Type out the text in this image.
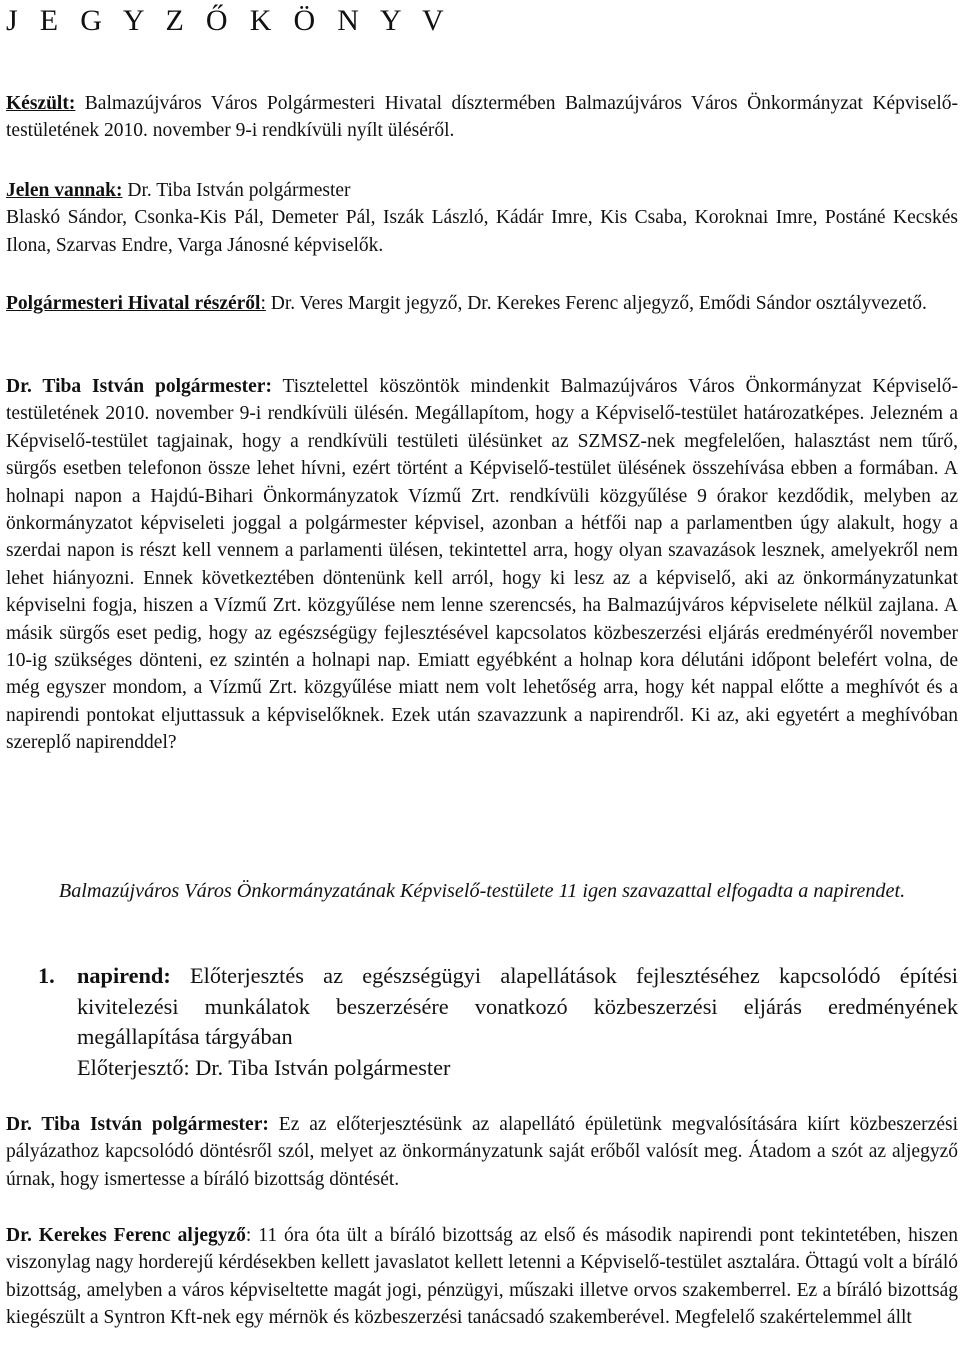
J E G Y Z Ő K Ö N Y V

Készült: Balmazújváros Város Polgármesteri Hivatal dísztermében Balmazújváros Város Önkormányzat Képviselő-testületének 2010. november 9-i rendkívüli nyílt üléséről.

Jelen vannak: Dr. Tiba István polgármester
Blaskó Sándor, Csonka-Kis Pál, Demeter Pál, Iszák László, Kádár Imre, Kis Csaba, Koroknai Imre, Postáné Kecskés Ilona, Szarvas Endre, Varga Jánosné képviselők.

Polgármesteri Hivatal részéről: Dr. Veres Margit jegyző, Dr. Kerekes Ferenc aljegyző, Emődi Sándor osztályvezető.

Dr. Tiba István polgármester: Tisztelettel köszöntök mindenkit Balmazújváros Város Önkormányzat Képviselő-testületének 2010. november 9-i rendkívüli ülésén. Megállapítom, hogy a Képviselő-testület határozatképes. Jelezném a Képviselő-testület tagjainak, hogy a rendkívüli testületi ülésünket az SZMSZ-nek megfelelően, halasztást nem tűrő, sürgős esetben telefonon össze lehet hívni, ezért történt a Képviselő-testület ülésének összehívása ebben a formában. A holnapi napon a Hajdú-Bihari Önkormányzatok Vízmű Zrt. rendkívüli közgyűlése 9 órakor kezdődik, melyben az önkormányzatot képviseleti joggal a polgármester képvisel, azonban a hétfői nap a parlamentben úgy alakult, hogy a szerdai napon is részt kell vennem a parlamenti ülésen, tekintettel arra, hogy olyan szavazások lesznek, amelyekről nem lehet hiányozni. Ennek következtében döntenünk kell arról, hogy ki lesz az a képviselő, aki az önkormányzatunkat képviselni fogja, hiszen a Vízmű Zrt. közgyűlése nem lenne szerencsés, ha Balmazújváros képviselete nélkül zajlana. A másik sürgős eset pedig, hogy az egészségügy fejlesztésével kapcsolatos közbeszerzési eljárás eredményéről november 10-ig szükséges dönteni, ez szintén a holnapi nap. Emiatt egyébként a holnap kora délutáni időpont belefért volna, de még egyszer mondom, a Vízmű Zrt. közgyűlése miatt nem volt lehetőség arra, hogy két nappal előtte a meghívót és a napirendi pontokat eljuttassuk a képviselőknek. Ezek után szavazzunk a napirendről. Ki az, aki egyetért a meghívóban szereplő napirenddel?

Balmazújváros Város Önkormányzatának Képviselő-testülete 11 igen szavazattal elfogadta a napirendet.

1. napirend: Előterjesztés az egészségügyi alapellátások fejlesztéséhez kapcsolódó építési kivitelezési munkálatok beszerzésére vonatkozó közbeszerzési eljárás eredményének megállapítása tárgyában
Előterjesztő: Dr. Tiba István polgármester

Dr. Tiba István polgármester: Ez az előterjesztésünk az alapellátó épületünk megvalósítására kiírt közbeszerzési pályázathoz kapcsolódó döntésről szól, melyet az önkormányzatunk saját erőből valósít meg. Átadom a szót az aljegyző úrnak, hogy ismertesse a bíráló bizottság döntését.

Dr. Kerekes Ferenc aljegyző: 11 óra óta ült a bíráló bizottság az első és második napirendi pont tekintetében, hiszen viszonylag nagy horderejű kérdésekben kellett javaslatot kellett letenni a Képviselő-testület asztalára. Öttagú volt a bíráló bizottság, amelyben a város képviseltette magát jogi, pénzügyi, műszaki illetve orvos szakemberrel. Ez a bíráló bizottság kiegészült a Syntron Kft-nek egy mérnök és közbeszerzési tanácsadó szakemberével. Megfelelő szakértelemmel állt
